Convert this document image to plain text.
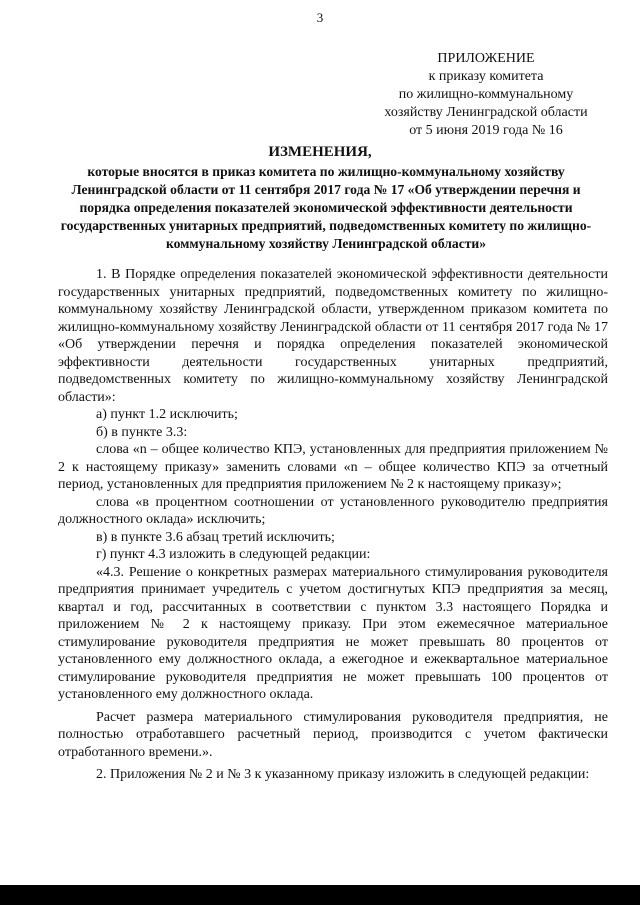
3
ПРИЛОЖЕНИЕ
к приказу комитета
по жилищно-коммунальному
хозяйству Ленинградской области
от 5 июня 2019 года № 16
ИЗМЕНЕНИЯ,
которые вносятся в приказ комитета по жилищно-коммунальному хозяйству Ленинградской области от 11 сентября 2017 года № 17 «Об утверждении перечня и порядка определения показателей экономической эффективности деятельности государственных унитарных предприятий, подведомственных комитету по жилищно-коммунальному хозяйству Ленинградской области»

1. В Порядке определения показателей экономической эффективности деятельности государственных унитарных предприятий, подведомственных комитету по жилищно-коммунальному хозяйству Ленинградской области, утвержденном приказом комитета по жилищно-коммунальному хозяйству Ленинградской области от 11 сентября 2017 года № 17 «Об утверждении перечня и порядка определения показателей экономической эффективности деятельности государственных унитарных предприятий, подведомственных комитету по жилищно-коммунальному хозяйству Ленинградской области»:

а) пункт 1.2 исключить;

б) в пункте 3.3:

слова «n – общее количество КПЭ, установленных для предприятия приложением № 2 к настоящему приказу» заменить словами «n – общее количество КПЭ за отчетный период, установленных для предприятия приложением № 2 к настоящему приказу»;

слова «в процентном соотношении от установленного руководителю предприятия должностного оклада» исключить;

в) в пункте 3.6 абзац третий исключить;

г) пункт 4.3 изложить в следующей редакции:

«4.3. Решение о конкретных размерах материального стимулирования руководителя предприятия принимает учредитель с учетом достигнутых КПЭ предприятия за месяц, квартал и год, рассчитанных в соответствии с пунктом 3.3 настоящего Порядка и приложением № 2 к настоящему приказу. При этом ежемесячное материальное стимулирование руководителя предприятия не может превышать 80 процентов от установленного ему должностного оклада, а ежегодное и ежеквартальное материальное стимулирование руководителя предприятия не может превышать 100 процентов от установленного ему должностного оклада.

Расчет размера материального стимулирования руководителя предприятия, не полностью отработавшего расчетный период, производится с учетом фактически отработанного времени.».

2. Приложения № 2 и № 3 к указанному приказу изложить в следующей редакции:
